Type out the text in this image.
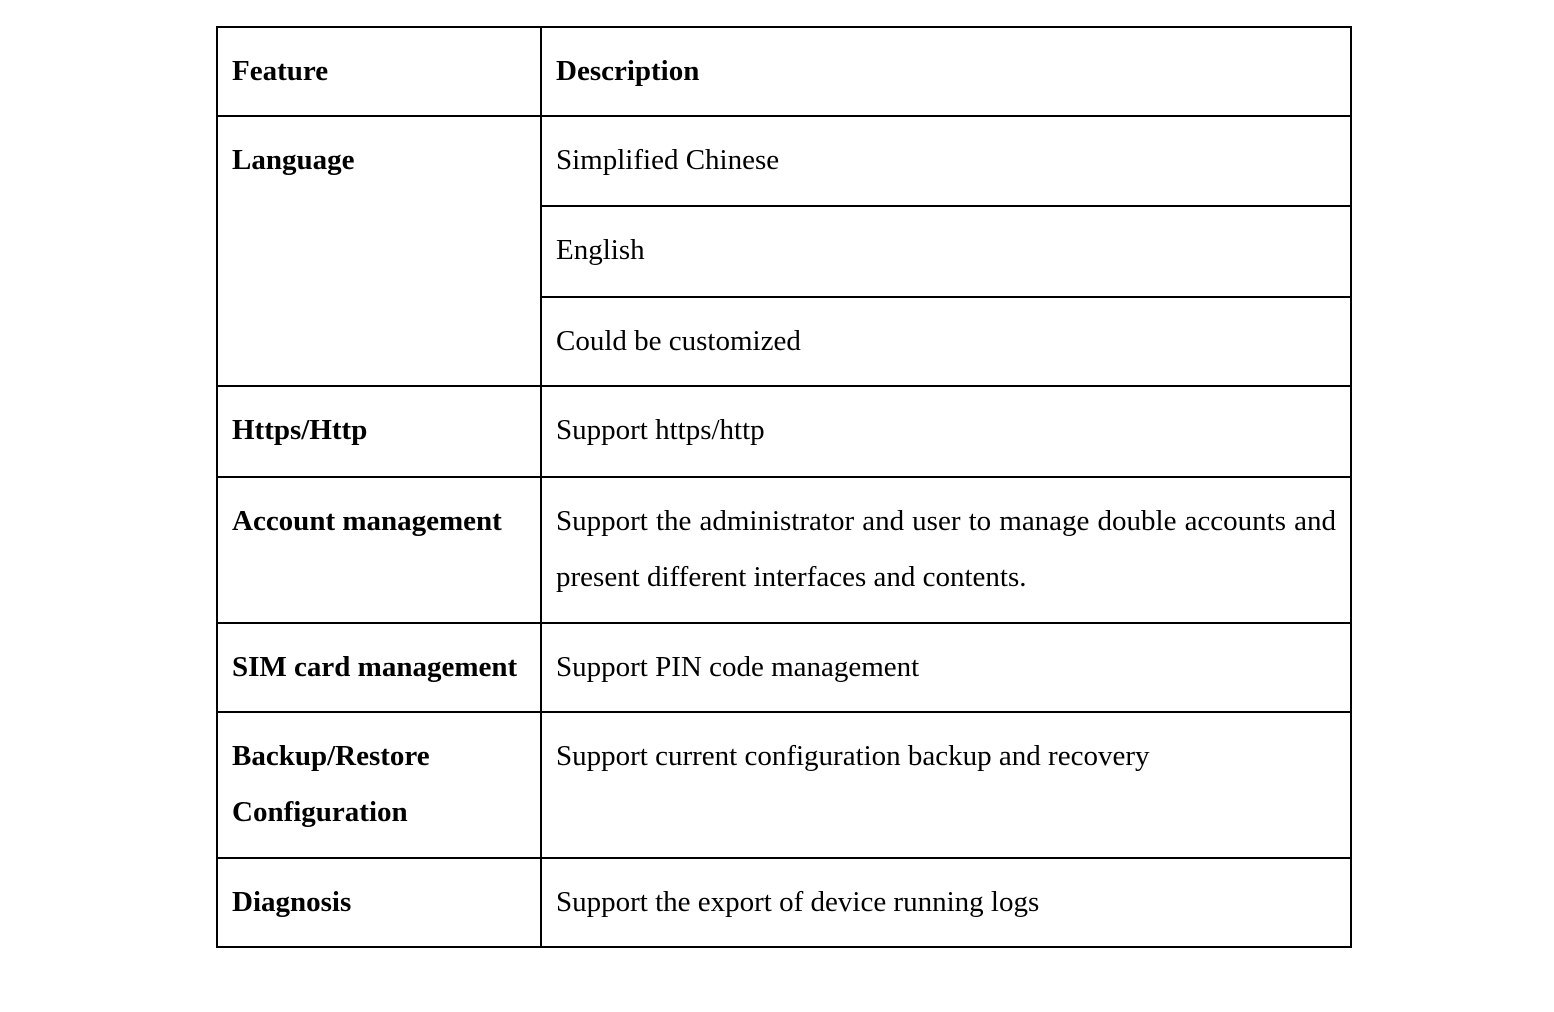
Feature	Description
Language	Simplified Chinese
	English
	Could be customized
Https/Http	Support https/http
Account management	Support the administrator and user to manage double accounts and present different interfaces and contents.
SIM card management	Support PIN code management
Backup/Restore Configuration	Support current configuration backup and recovery
Diagnosis	Support the export of device running logs
